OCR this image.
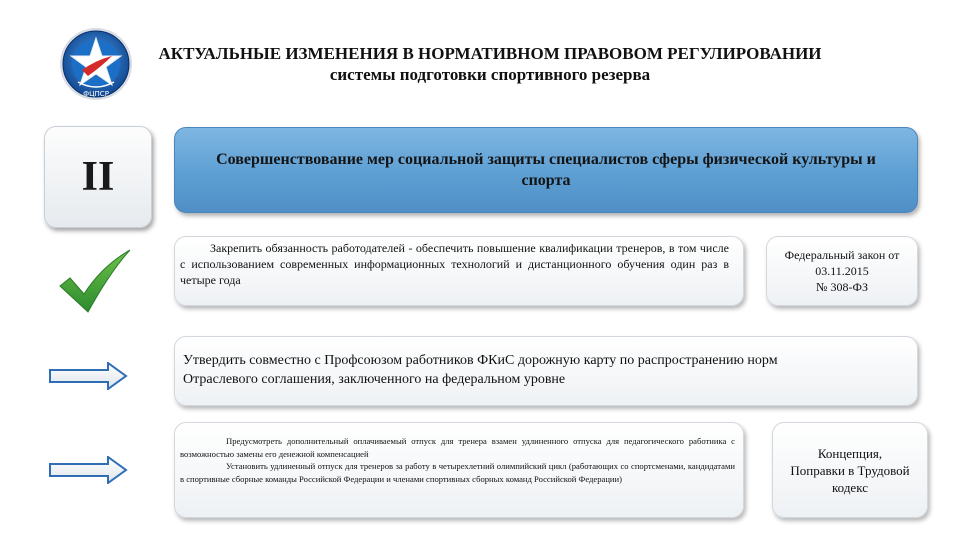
ФЦПСР
АКТУАЛЬНЫЕ ИЗМЕНЕНИЯ В НОРМАТИВНОМ ПРАВОВОМ РЕГУЛИРОВАНИИ
системы подготовки спортивного резерва
II	Совершенствование мер социальной защиты специалистов сферы физической культуры и спорта
Закрепить обязанность работодателей - обеспечить повышение квалификации тренеров, в том числе с использованием современных информационных технологий и дистанционного обучения один раз в четыре года
Федеральный закон от
03.11.2015
№ 308-ФЗ
Утвердить совместно с Профсоюзом работников ФКиС дорожную карту по распространению норм
Отраслевого соглашения, заключенного на федеральном уровне
Предусмотреть дополнительный оплачиваемый отпуск для тренера взамен удлиненного отпуска для педагогического работника с возможностью замены его денежной компенсацией
Установить удлиненный отпуск для тренеров за работу в четырехлетний олимпийский цикл (работающих со спортсменами, кандидатами в спортивные сборные команды Российской Федерации и членами спортивных сборных команд Российской Федерации)
Концепция,
Поправки в Трудовой
кодекс
